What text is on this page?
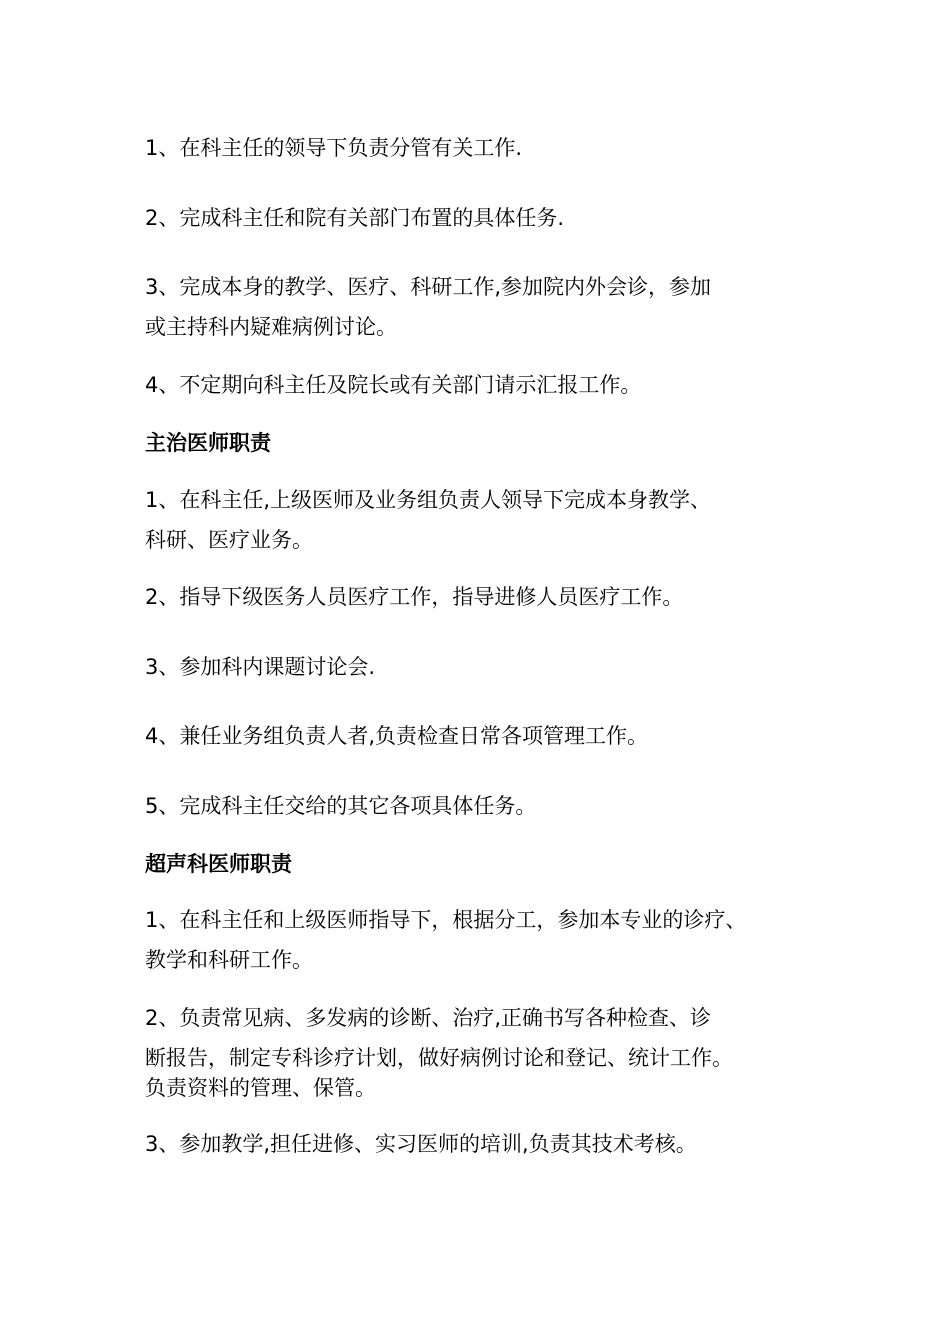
1、在科主任的领导下负责分管有关工作.
2、完成科主任和院有关部门布置的具体任务.
3、完成本身的教学、医疗、科研工作,参加院内外会诊，参加
或主持科内疑难病例讨论。
4、不定期向科主任及院长或有关部门请示汇报工作。
主治医师职责
1、在科主任,上级医师及业务组负责人领导下完成本身教学、
科研、医疗业务。
2、指导下级医务人员医疗工作，指导进修人员医疗工作。
3、参加科内课题讨论会.
4、兼任业务组负责人者,负责检查日常各项管理工作。
5、完成科主任交给的其它各项具体任务。
超声科医师职责
1、在科主任和上级医师指导下，根据分工，参加本专业的诊疗、
教学和科研工作。
2、负责常见病、多发病的诊断、治疗,正确书写各种检查、诊
断报告，制定专科诊疗计划，做好病例讨论和登记、统计工作。
负责资料的管理、保管。
3、参加教学,担任进修、实习医师的培训,负责其技术考核。
